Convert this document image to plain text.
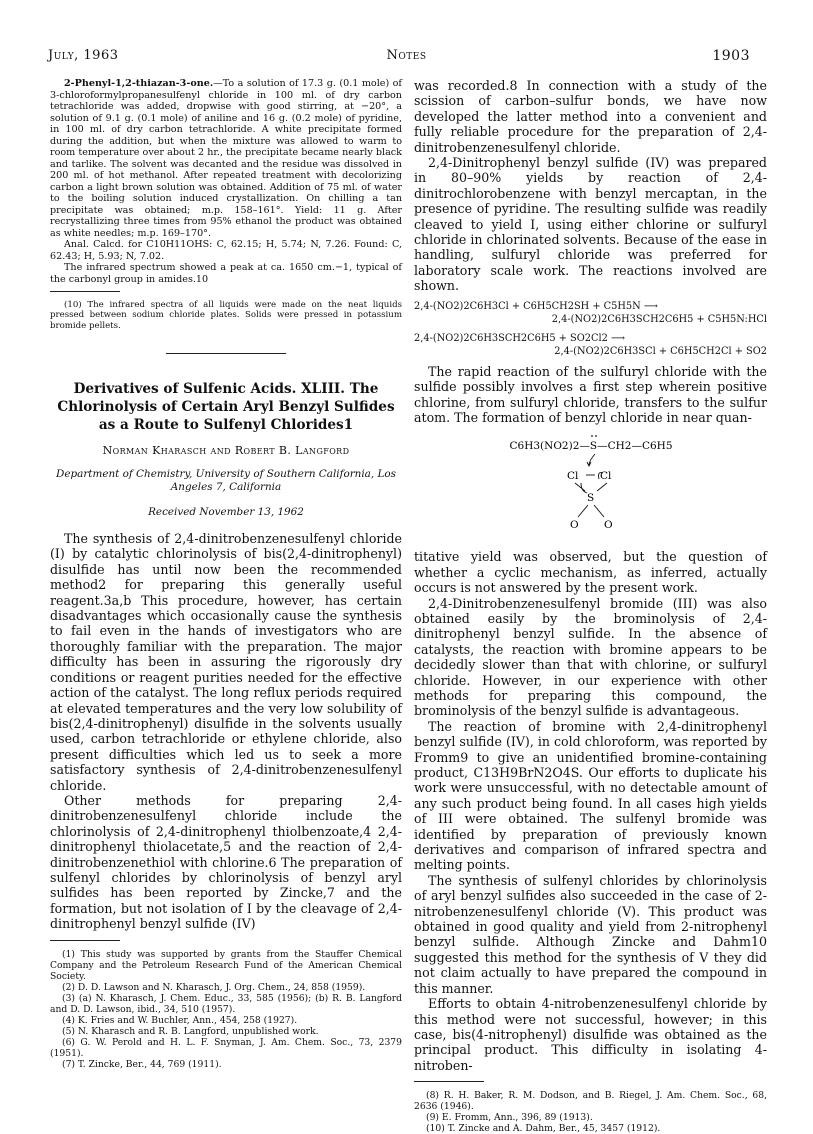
July, 1963	Notes	1903

2-Phenyl-1,2-thiazan-3-one.—To a solution of 17.3 g. (0.1 mole) of 3-chloroformylpropanesulfenyl chloride in 100 ml. of dry carbon tetrachloride was added, dropwise with good stirring, at −20°, a solution of 9.1 g. (0.1 mole) of aniline and 16 g. (0.2 mole) of pyridine, in 100 ml. of dry carbon tetrachloride. A white precipitate formed during the addition, but when the mixture was allowed to warm to room temperature over about 2 hr., the precipitate became nearly black and tarlike. The solvent was decanted and the residue was dissolved in 200 ml. of hot methanol. After repeated treatment with decolorizing carbon a light brown solution was obtained. Addition of 75 ml. of water to the boiling solution induced crystallization. On chilling a tan precipitate was obtained; m.p. 158–161°. Yield: 11 g. After recrystallizing three times from 95% ethanol the product was obtained as white needles; m.p. 169–170°.

Anal. Calcd. for C10H11OHS: C, 62.15; H, 5.74; N, 7.26. Found: C, 62.43; H, 5.93; N, 7.02.

The infrared spectrum showed a peak at ca. 1650 cm.−1, typical of the carbonyl group in amides.10

(10) The infrared spectra of all liquids were made on the neat liquids pressed between sodium chloride plates. Solids were pressed in potassium bromide pellets.

Derivatives of Sulfenic Acids. XLIII. The Chlorinolysis of Certain Aryl Benzyl Sulfides as a Route to Sulfenyl Chlorides1
Norman Kharasch and Robert B. Langford
Department of Chemistry, University of Southern California, Los Angeles 7, California
Received November 13, 1962

The synthesis of 2,4-dinitrobenzenesulfenyl chloride (I) by catalytic chlorinolysis of bis(2,4-dinitrophenyl) disulfide has until now been the recommended method2 for preparing this generally useful reagent.3a,b This procedure, however, has certain disadvantages which occasionally cause the synthesis to fail even in the hands of investigators who are thoroughly familiar with the preparation. The major difficulty has been in assuring the rigorously dry conditions or reagent purities needed for the effective action of the catalyst. The long reflux periods required at elevated temperatures and the very low solubility of bis(2,4-dinitrophenyl) disulfide in the solvents usually used, carbon tetrachloride or ethylene chloride, also present difficulties which led us to seek a more satisfactory synthesis of 2,4-dinitrobenzenesulfenyl chloride.

Other methods for preparing 2,4-dinitrobenzenesulfenyl chloride include the chlorinolysis of 2,4-dinitrophenyl thiolbenzoate,4 2,4-dinitrophenyl thiolacetate,5 and the reaction of 2,4-dinitrobenzenethiol with chlorine.6 The preparation of sulfenyl chlorides by chlorinolysis of benzyl aryl sulfides has been reported by Zincke,7 and the formation, but not isolation of I by the cleavage of 2,4-dinitrophenyl benzyl sulfide (IV)

(1) This study was supported by grants from the Stauffer Chemical Company and the Petroleum Research Fund of the American Chemical Society.
(2) D. D. Lawson and N. Kharasch, J. Org. Chem., 24, 858 (1959).
(3) (a) N. Kharasch, J. Chem. Educ., 33, 585 (1956); (b) R. B. Langford and D. D. Lawson, ibid., 34, 510 (1957).
(4) K. Fries and W. Buchler, Ann., 454, 258 (1927).
(5) N. Kharasch and R. B. Langford, unpublished work.
(6) G. W. Perold and H. L. F. Snyman, J. Am. Chem. Soc., 73, 2379 (1951).
(7) T. Zincke, Ber., 44, 769 (1911).

was recorded.8 In connection with a study of the scission of carbon–sulfur bonds, we have now developed the latter method into a convenient and fully reliable procedure for the preparation of 2,4-dinitrobenzenesulfenyl chloride.

2,4-Dinitrophenyl benzyl sulfide (IV) was prepared in 80–90% yields by reaction of 2,4-dinitrochlorobenzene with benzyl mercaptan, in the presence of pyridine. The resulting sulfide was readily cleaved to yield I, using either chlorine or sulfuryl chloride in chlorinated solvents. Because of the ease in handling, sulfuryl chloride was preferred for laboratory scale work. The reactions involved are shown.

2,4-(NO2)2C6H3Cl + C6H5CH2SH + C5H5N ⟶
2,4-(NO2)2C6H3SCH2C6H5 + C5H5N:HCl
2,4-(NO2)2C6H3SCH2C6H5 + SO2Cl2 ⟶
2,4-(NO2)2C6H3SCl + C6H5CH2Cl + SO2

The rapid reaction of the sulfuryl chloride with the sulfide possibly involves a first step wherein positive chlorine, from sulfuryl chloride, transfers to the sulfur atom. The formation of benzyl chloride in near quan-

C6H3(NO2)2—S—CH2—C6H5
Cl Cl
S
O O

titative yield was observed, but the question of whether a cyclic mechanism, as inferred, actually occurs is not answered by the present work.

2,4-Dinitrobenzenesulfenyl bromide (III) was also obtained easily by the brominolysis of 2,4-dinitrophenyl benzyl sulfide. In the absence of catalysts, the reaction with bromine appears to be decidedly slower than that with chlorine, or sulfuryl chloride. However, in our experience with other methods for preparing this compound, the brominolysis of the benzyl sulfide is advantageous.

The reaction of bromine with 2,4-dinitrophenyl benzyl sulfide (IV), in cold chloroform, was reported by Fromm9 to give an unidentified bromine-containing product, C13H9BrN2O4S. Our efforts to duplicate his work were unsuccessful, with no detectable amount of any such product being found. In all cases high yields of III were obtained. The sulfenyl bromide was identified by preparation of previously known derivatives and comparison of infrared spectra and melting points.

The synthesis of sulfenyl chlorides by chlorinolysis of aryl benzyl sulfides also succeeded in the case of 2-nitrobenzenesulfenyl chloride (V). This product was obtained in good quality and yield from 2-nitrophenyl benzyl sulfide. Although Zincke and Dahm10 suggested this method for the synthesis of V they did not claim actually to have prepared the compound in this manner.

Efforts to obtain 4-nitrobenzenesulfenyl chloride by this method were not successful, however; in this case, bis(4-nitrophenyl) disulfide was obtained as the principal product. This difficulty in isolating 4-nitroben-

(8) R. H. Baker, R. M. Dodson, and B. Riegel, J. Am. Chem. Soc., 68, 2636 (1946).
(9) E. Fromm, Ann., 396, 89 (1913).
(10) T. Zincke and A. Dahm, Ber., 45, 3457 (1912).
